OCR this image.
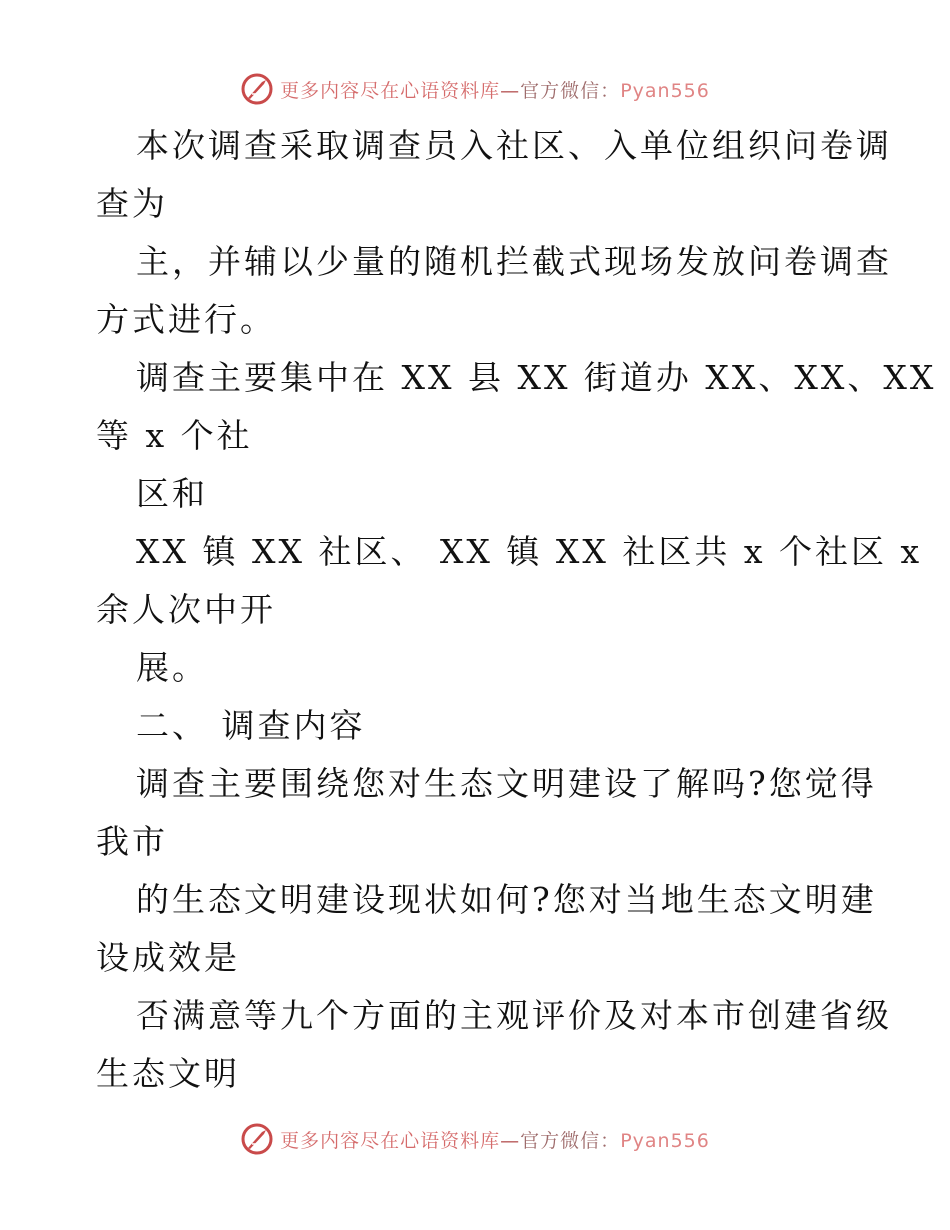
更多内容尽在心语资料库—官方微信：Pyan556
本次调查采取调查员入社区、入单位组织问卷调
查为
主，并辅以少量的随机拦截式现场发放问卷调查
方式进行。
调查主要集中在 XX 县 XX 街道办 XX、XX、XX
等 x 个社
区和
XX 镇 XX 社区、 XX 镇 XX 社区共 x 个社区 x
余人次中开
展。
二、 调查内容
调查主要围绕您对生态文明建设了解吗?您觉得
我市
的生态文明建设现状如何?您对当地生态文明建
设成效是
否满意等九个方面的主观评价及对本市创建省级
生态文明
更多内容尽在心语资料库—官方微信：Pyan556
